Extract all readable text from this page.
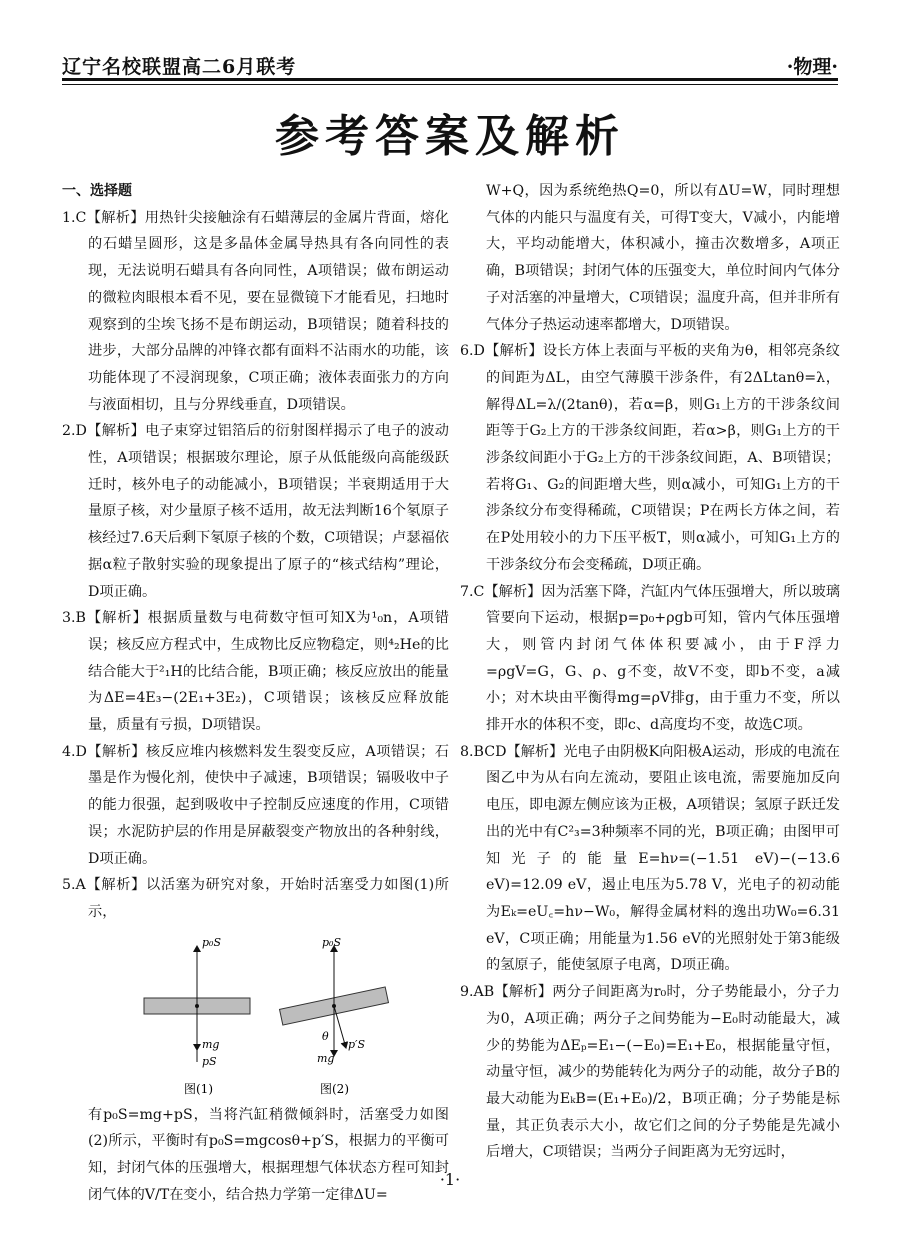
辽宁名校联盟高二6月联考	·物理·
参考答案及解析

一、选择题

1.C【解析】用热针尖接触涂有石蜡薄层的金属片背面，熔化的石蜡呈圆形，这是多晶体金属导热具有各向同性的表现，无法说明石蜡具有各向同性，A项错误；做布朗运动的微粒肉眼根本看不见，要在显微镜下才能看见，扫地时观察到的尘埃飞扬不是布朗运动，B项错误；随着科技的进步，大部分品牌的冲锋衣都有面料不沾雨水的功能，该功能体现了不浸润现象，C项正确；液体表面张力的方向与液面相切，且与分界线垂直，D项错误。

2.D【解析】电子束穿过铝箔后的衍射图样揭示了电子的波动性，A项错误；根据玻尔理论，原子从低能级向高能级跃迁时，核外电子的动能减小，B项错误；半衰期适用于大量原子核，对少量原子核不适用，故无法判断16个氡原子核经过7.6天后剩下氡原子核的个数，C项错误；卢瑟福依据α粒子散射实验的现象提出了原子的“核式结构”理论，D项正确。

3.B【解析】根据质量数与电荷数守恒可知X为¹₀n，A项错误；核反应方程式中，生成物比反应物稳定，则⁴₂He的比结合能大于²₁H的比结合能，B项正确；核反应放出的能量为ΔE=4E₃−(2E₁+3E₂)，C项错误；该核反应释放能量，质量有亏损，D项错误。

4.D【解析】核反应堆内核燃料发生裂变反应，A项错误；石墨是作为慢化剂，使快中子减速，B项错误；镉吸收中子的能力很强，起到吸收中子控制反应速度的作用，C项错误；水泥防护层的作用是屏蔽裂变产物放出的各种射线，D项正确。

5.A【解析】以活塞为研究对象，开始时活塞受力如图(1)所示，

p₀S
mg
pS
图(1)
p₀S
mg
p′S
θ
图(2)

有p₀S=mg+pS，当将汽缸稍微倾斜时，活塞受力如图(2)所示，平衡时有p₀S=mgcosθ+p′S，根据力的平衡可知，封闭气体的压强增大，根据理想气体状态方程可知封闭气体的V/T在变小，结合热力学第一定律ΔU=

W+Q，因为系统绝热Q=0，所以有ΔU=W，同时理想气体的内能只与温度有关，可得T变大，V减小，内能增大，平均动能增大，体积减小，撞击次数增多，A项正确，B项错误；封闭气体的压强变大，单位时间内气体分子对活塞的冲量增大，C项错误；温度升高，但并非所有气体分子热运动速率都增大，D项错误。

6.D【解析】设长方体上表面与平板的夹角为θ，相邻亮条纹的间距为ΔL，由空气薄膜干涉条件，有2ΔLtanθ=λ，解得ΔL=λ/(2tanθ)，若α=β，则G₁上方的干涉条纹间距等于G₂上方的干涉条纹间距，若α>β，则G₁上方的干涉条纹间距小于G₂上方的干涉条纹间距，A、B项错误；若将G₁、G₂的间距增大些，则α减小，可知G₁上方的干涉条纹分布变得稀疏，C项错误；P在两长方体之间，若在P处用较小的力下压平板T，则α减小，可知G₁上方的干涉条纹分布会变稀疏，D项正确。

7.C【解析】因为活塞下降，汽缸内气体压强增大，所以玻璃管要向下运动，根据p=p₀+ρgb可知，管内气体压强增大，则管内封闭气体体积要减小，由于F浮力=ρgV=G，G、ρ、g不变，故V不变，即b不变，a减小；对木块由平衡得mg=ρV排g，由于重力不变，所以排开水的体积不变，即c、d高度均不变，故选C项。

8.BCD【解析】光电子由阴极K向阳极A运动，形成的电流在图乙中为从右向左流动，要阻止该电流，需要施加反向电压，即电源左侧应该为正极，A项错误；氢原子跃迁发出的光中有C²₃=3种频率不同的光，B项正确；由图甲可知光子的能量E=hν=(−1.51 eV)−(−13.6 eV)=12.09 eV，遏止电压为5.78 V，光电子的初动能为Eₖ=eU꜀=hν−W₀，解得金属材料的逸出功W₀=6.31 eV，C项正确；用能量为1.56 eV的光照射处于第3能级的氢原子，能使氢原子电离，D项正确。

9.AB【解析】两分子间距离为r₀时，分子势能最小，分子力为0，A项正确；两分子之间势能为−E₀时动能最大，减少的势能为ΔEₚ=E₁−(−E₀)=E₁+E₀，根据能量守恒，动量守恒，减少的势能转化为两分子的动能，故分子B的最大动能为EₖB=(E₁+E₀)/2，B项正确；分子势能是标量，其正负表示大小，故它们之间的分子势能是先减小后增大，C项错误；当两分子间距离为无穷远时，

·1·
